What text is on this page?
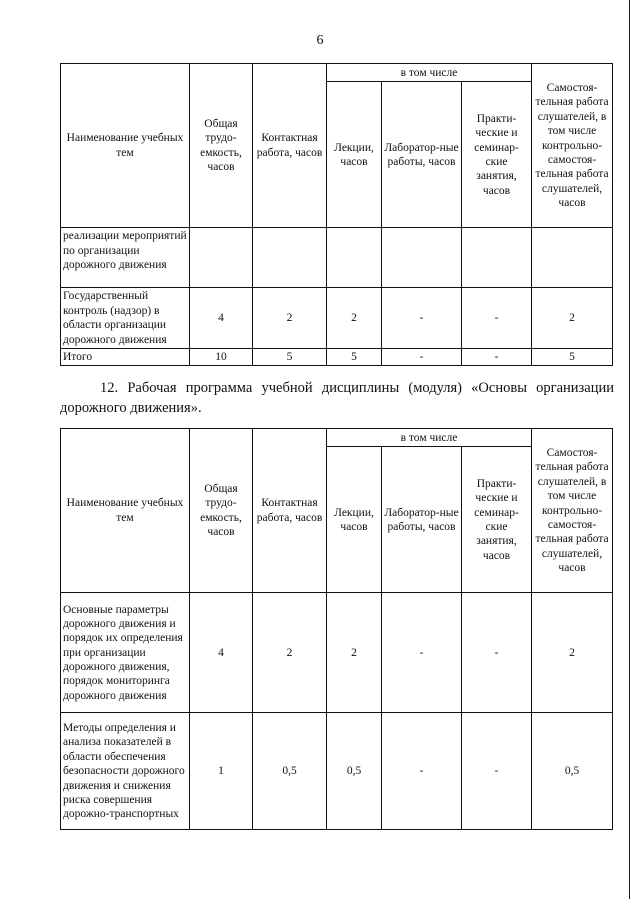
6
Наименование учебных тем	Общая трудо-емкость, часов	Контактная работа, часов	в том числе			Самостоя-тельная работа слушателей, в том числе контрольно-самостоя-тельная работа слушателей, часов
			Лекции, часов	Лаборатор-ные работы, часов	Практи-ческие и семинар-ские занятия, часов	
реализации мероприятий по организации дорожного движения						
Государственный контроль (надзор) в области организации дорожного движения	4	2	2	-	-	2
Итого	10	5	5	-	-	5
12. Рабочая программа учебной дисциплины (модуля) «Основы организации дорожного движения».
Наименование учебных тем	Общая трудо-емкость, часов	Контактная работа, часов	в том числе			Самостоя-тельная работа слушателей, в том числе контрольно-самостоя-тельная работа слушателей, часов
			Лекции, часов	Лаборатор-ные работы, часов	Практи-ческие и семинар-ские занятия, часов	
Основные параметры дорожного движения и порядок их определения при организации дорожного движения, порядок мониторинга дорожного движения	4	2	2	-	-	2
Методы определения и анализа показателей в области обеспечения безопасности дорожного движения и снижения риска совершения дорожно-транспортных	1	0,5	0,5	-	-	0,5
